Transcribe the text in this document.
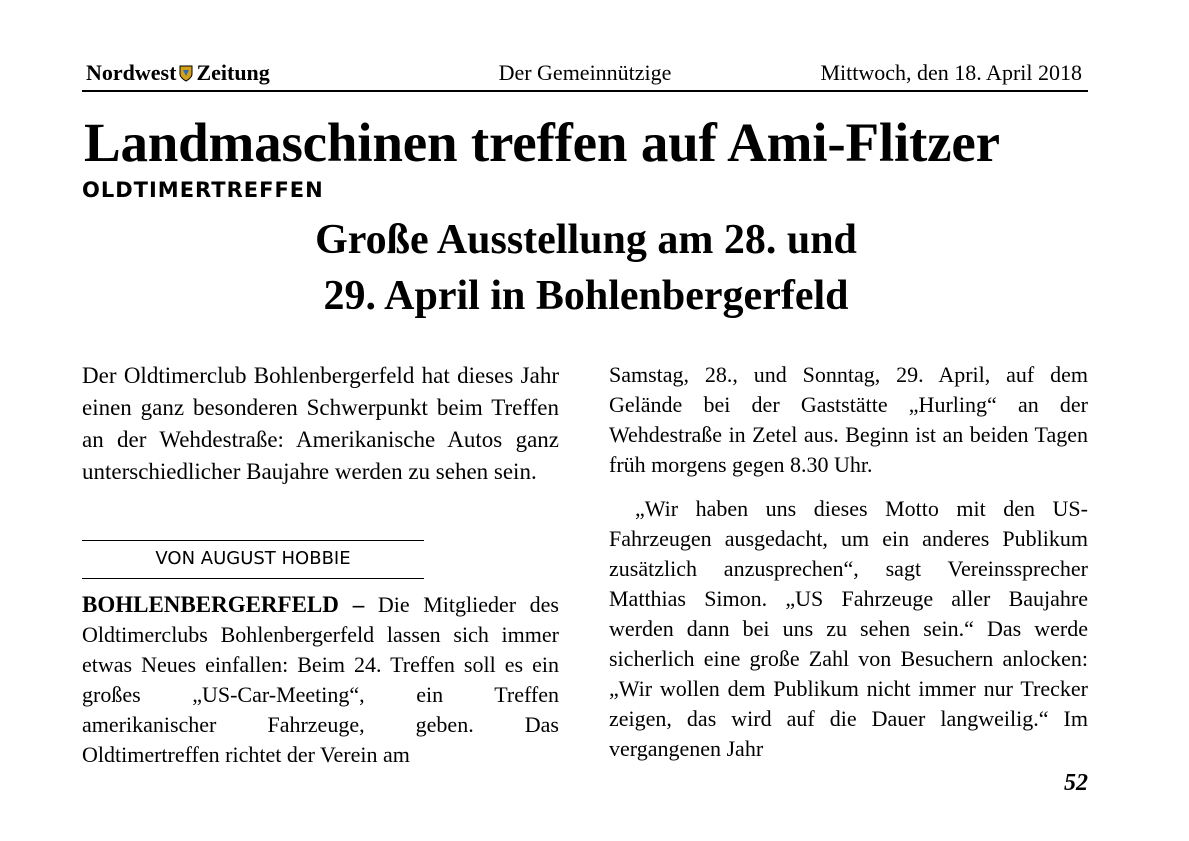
Nordwest Zeitung	Der Gemeinnützige	Mittwoch, den 18. April 2018
Landmaschinen treffen auf Ami-Flitzer
OLDTIMERTREFFEN
Große Ausstellung am 28. und
29. April in Bohlenbergerfeld

Der Oldtimerclub Bohlenbergerfeld hat dieses Jahr einen ganz besonderen Schwerpunkt beim Treffen an der Wehdestraße: Amerikanische Autos ganz unterschiedlicher Baujahre werden zu sehen sein.

VON AUGUST HOBBIE
BOHLENBERGERFELD – Die Mitglieder des Oldtimerclubs Bohlenbergerfeld lassen sich immer etwas Neues einfallen: Beim 24. Treffen soll es ein großes „US-Car-Meeting“, ein Treffen amerikanischer Fahrzeuge, geben. Das Oldtimertreffen richtet der Verein am

Samstag, 28., und Sonntag, 29. April, auf dem Gelände bei der Gaststätte „Hurling“ an der Wehdestraße in Zetel aus. Beginn ist an beiden Tagen früh morgens gegen 8.30 Uhr.

„Wir haben uns dieses Motto mit den US-Fahrzeugen ausgedacht, um ein anderes Publikum zusätzlich anzusprechen“, sagt Vereinssprecher Matthias Simon. „US Fahrzeuge aller Baujahre werden dann bei uns zu sehen sein.“ Das werde sicherlich eine große Zahl von Besuchern anlocken: „Wir wollen dem Publikum nicht immer nur Trecker zeigen, das wird auf die Dauer langweilig.“ Im vergangenen Jahr

52
